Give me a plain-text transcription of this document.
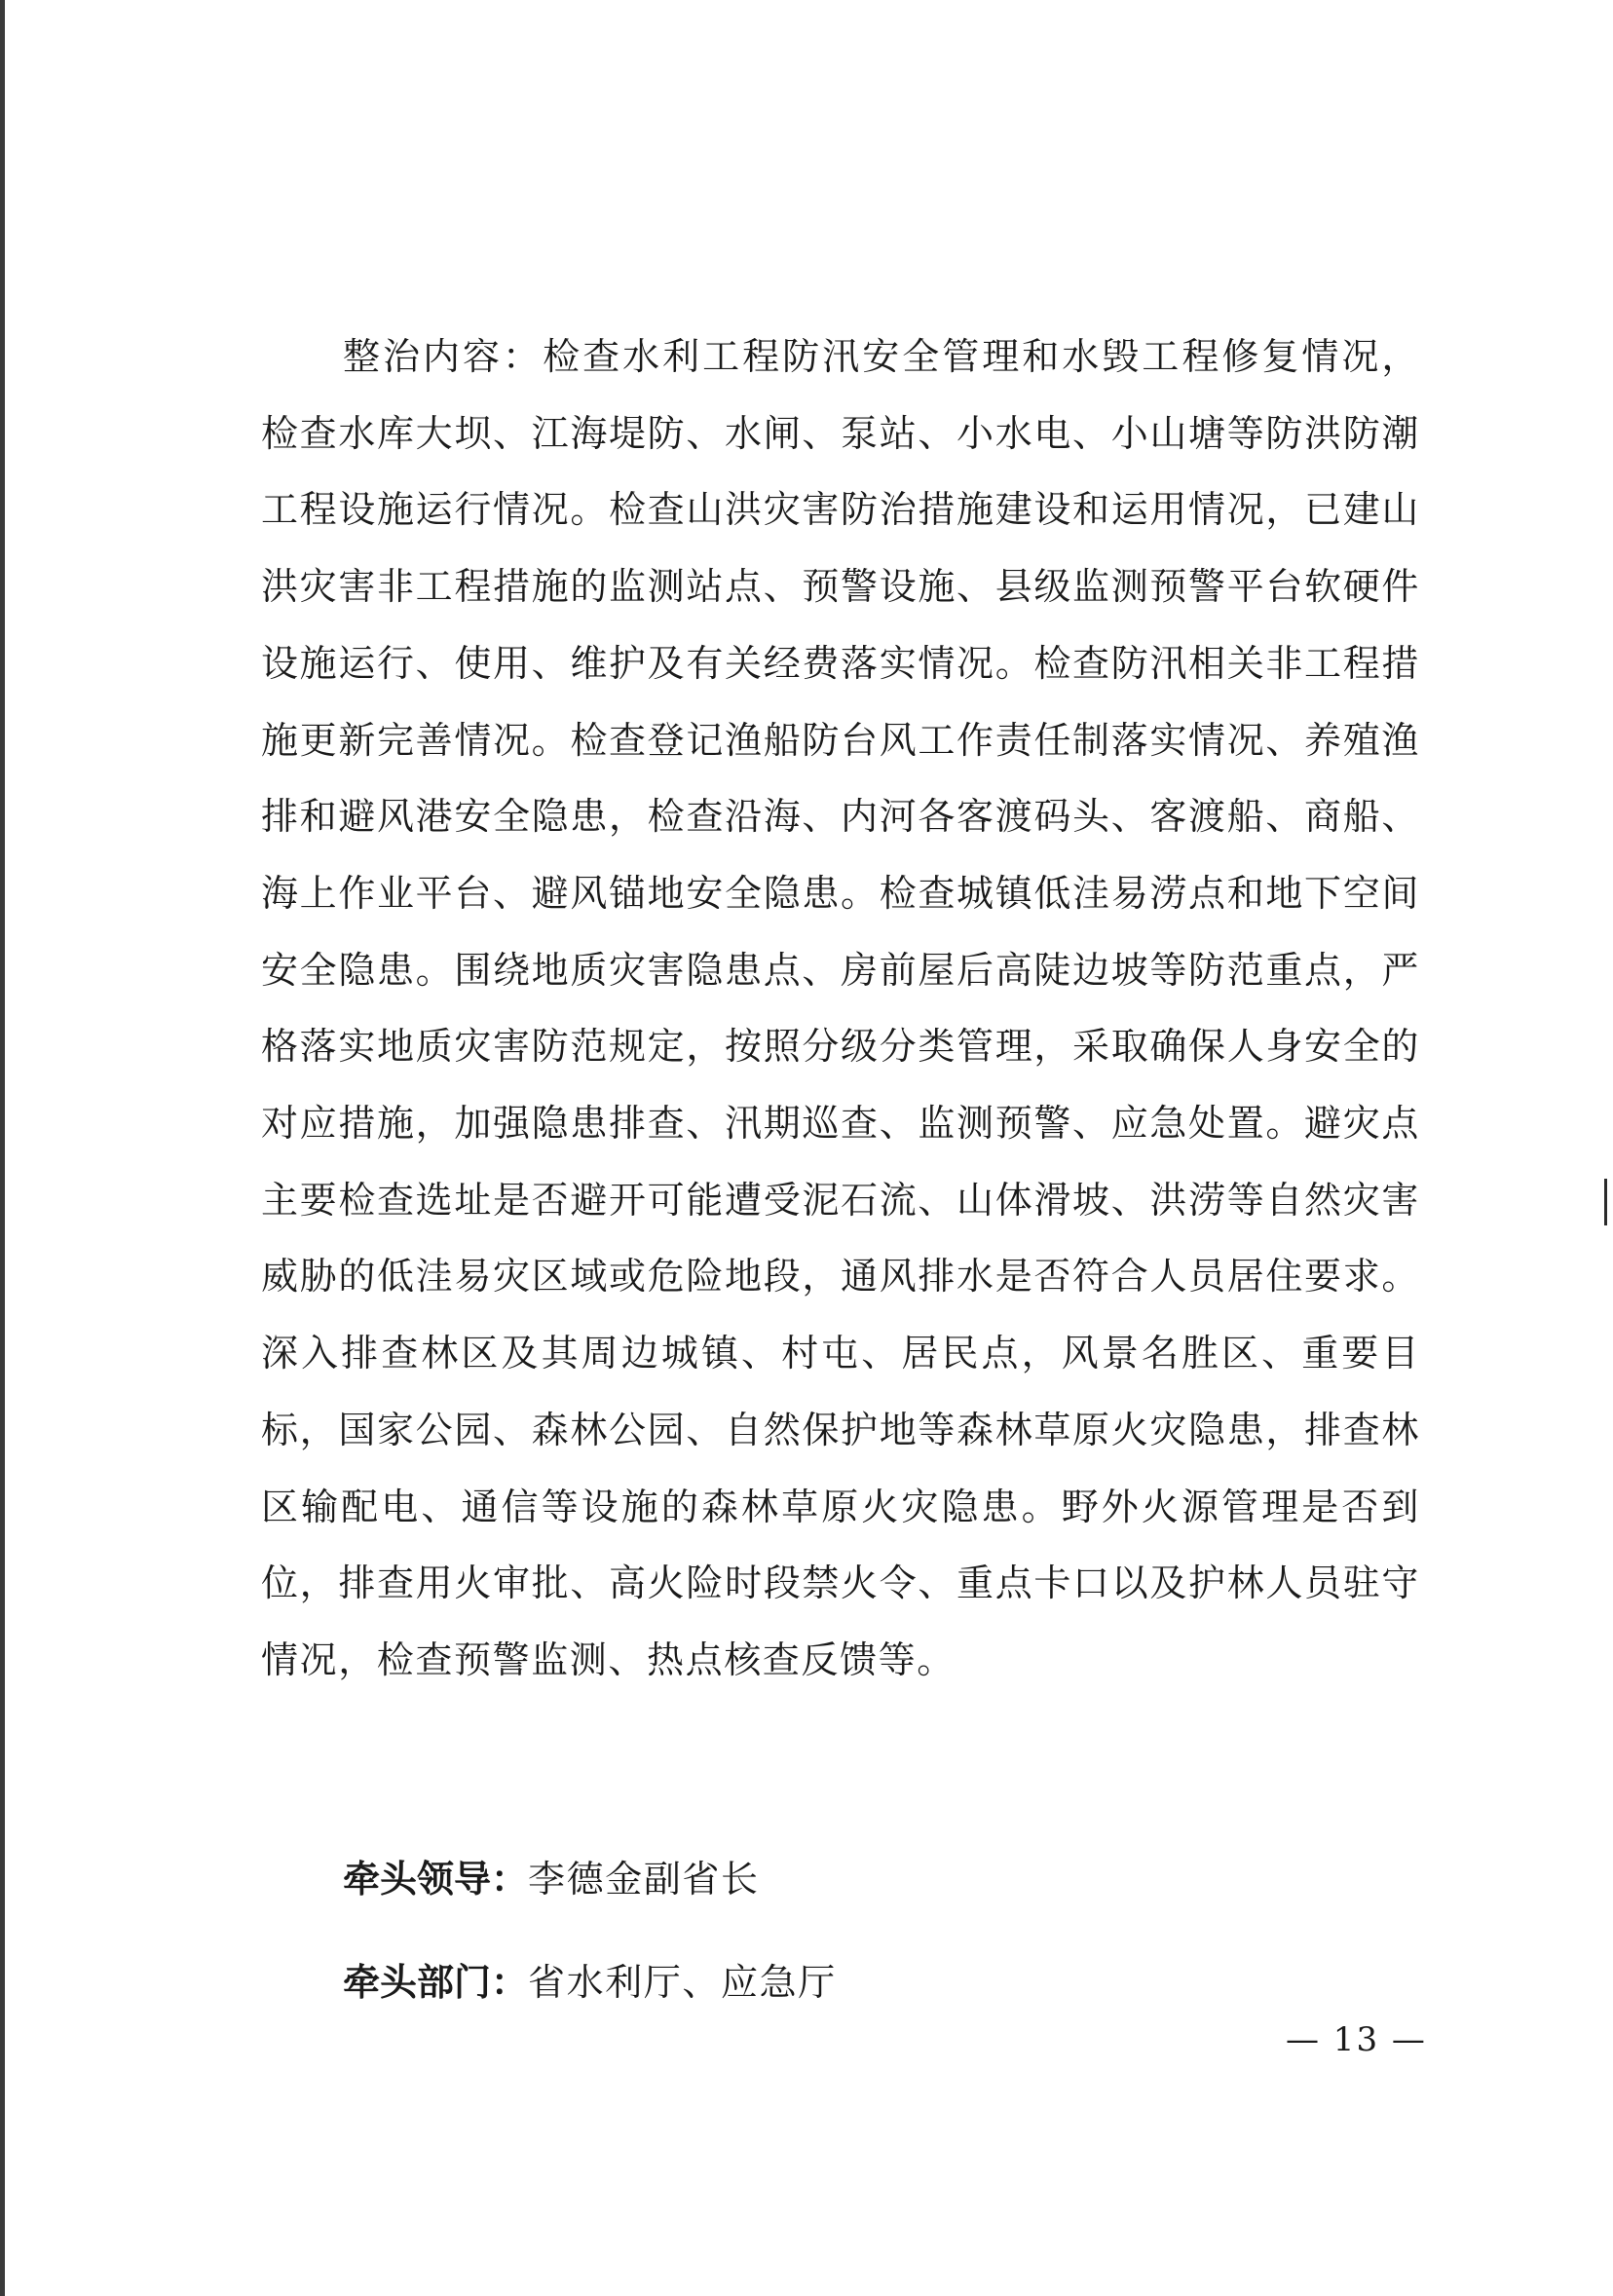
整治内容：检查水利工程防汛安全管理和水毁工程修复情况，检查水库大坝、江海堤防、水闸、泵站、小水电、小山塘等防洪防潮工程设施运行情况。检查山洪灾害防治措施建设和运用情况，已建山洪灾害非工程措施的监测站点、预警设施、县级监测预警平台软硬件设施运行、使用、维护及有关经费落实情况。检查防汛相关非工程措施更新完善情况。检查登记渔船防台风工作责任制落实情况、养殖渔排和避风港安全隐患，检查沿海、内河各客渡码头、客渡船、商船、海上作业平台、避风锚地安全隐患。检查城镇低洼易涝点和地下空间安全隐患。围绕地质灾害隐患点、房前屋后高陡边坡等防范重点，严格落实地质灾害防范规定，按照分级分类管理，采取确保人身安全的对应措施，加强隐患排查、汛期巡查、监测预警、应急处置。避灾点主要检查选址是否避开可能遭受泥石流、山体滑坡、洪涝等自然灾害威胁的低洼易灾区域或危险地段，通风排水是否符合人员居住要求。深入排查林区及其周边城镇、村屯、居民点，风景名胜区、重要目标，国家公园、森林公园、自然保护地等森林草原火灾隐患，排查林区输配电、通信等设施的森林草原火灾隐患。野外火源管理是否到位，排查用火审批、高火险时段禁火令、重点卡口以及护林人员驻守情况，检查预警监测、热点核查反馈等。

牵头领导：李德金副省长

牵头部门：省水利厅、应急厅

— 13 —
